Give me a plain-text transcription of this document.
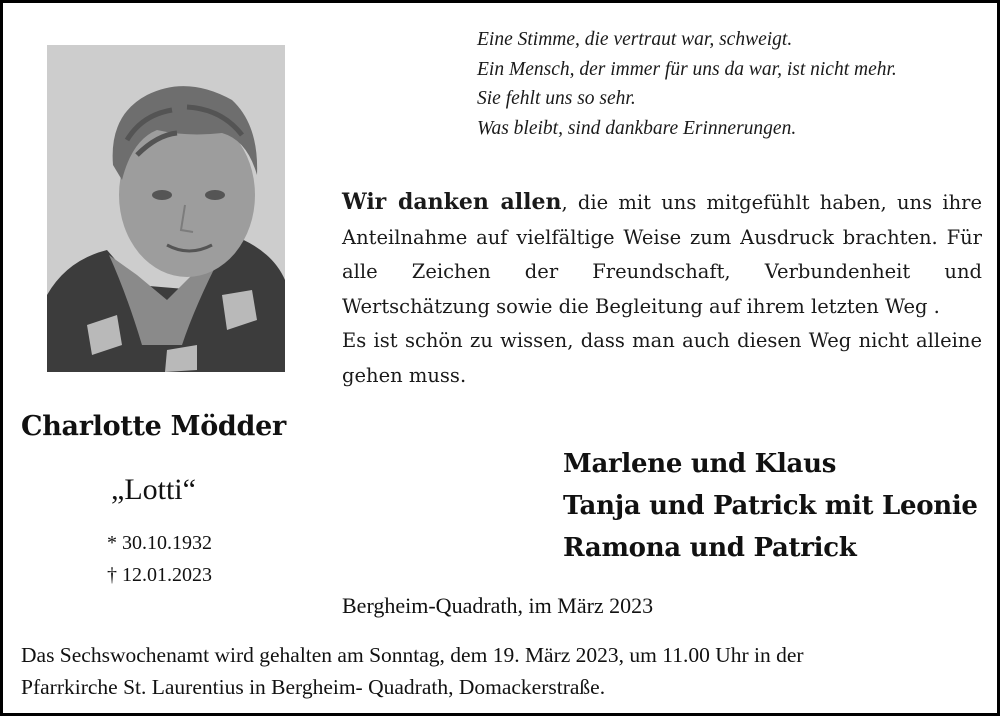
Eine Stimme, die vertraut war, schweigt.
Ein Mensch, der immer für uns da war, ist nicht mehr.
Sie fehlt uns so sehr.
Was bleibt, sind dankbare Erinnerungen.

Wir danken allen, die mit uns mitgefühlt haben, uns ihre Anteilnahme auf vielfältige Weise zum Ausdruck brachten. Für alle Zeichen der Freundschaft, Verbundenheit und Wertschätzung sowie die Begleitung auf ihrem letzten Weg .

Es ist schön zu wissen, dass man auch diesen Weg nicht alleine gehen muss.

Charlotte Mödder
„Lotti“
* 30.10.1932
† 12.01.2023
Marlene und Klaus
Tanja und Patrick mit Leonie
Ramona und Patrick
Bergheim-Quadrath, im März 2023
Das Sechswochenamt wird gehalten am Sonntag, dem 19. März 2023, um 11.00 Uhr in der
Pfarrkirche St. Laurentius in Bergheim- Quadrath, Domackerstraße.
